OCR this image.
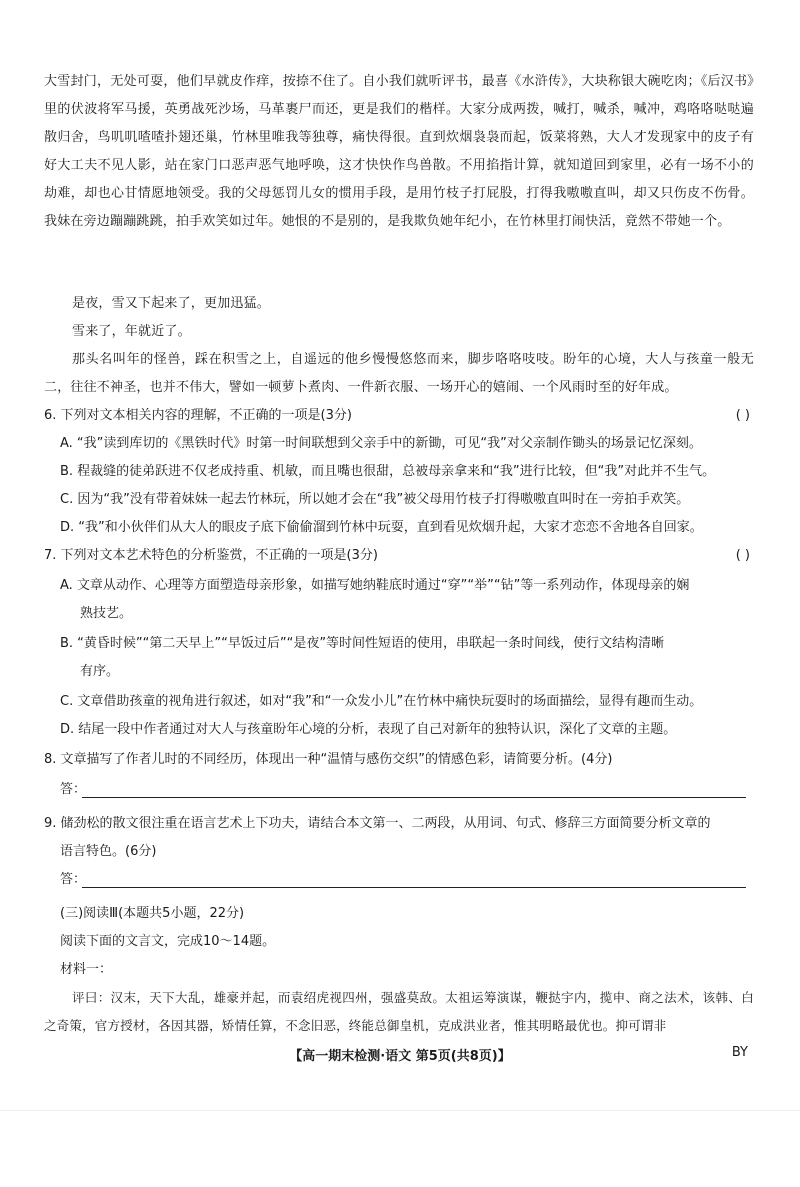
大雪封门，无处可耍，他们早就皮作痒，按捺不住了。自小我们就听评书，最喜《水浒传》，大块称银大碗吃肉；《后汉书》里的伏波将军马援，英勇战死沙场，马革裹尸而还，更是我们的楷样。大家分成两拨，喊打，喊杀，喊冲，鸡咯咯哒哒遍散归舍，鸟叽叽喳喳扑翅还巢，竹林里唯我等独尊，痛快得很。直到炊烟袅袅而起，饭菜将熟，大人才发现家中的皮子有好大工夫不见人影，站在家门口恶声恶气地呼唤，这才快快作鸟兽散。不用掐指计算，就知道回到家里，必有一场不小的劫难，却也心甘情愿地领受。我的父母惩罚儿女的惯用手段，是用竹枝子打屁股，打得我嗷嗷直叫，却又只伤皮不伤骨。我妹在旁边蹦蹦跳跳，拍手欢笑如过年。她恨的不是别的，是我欺负她年纪小，在竹林里打闹快活，竟然不带她一个。

是夜，雪又下起来了，更加迅猛。

雪来了，年就近了。

那头名叫年的怪兽，踩在积雪之上，自遥远的他乡慢慢悠悠而来，脚步咯咯吱吱。盼年的心境，大人与孩童一般无二，往往不神圣，也并不伟大，譬如一顿萝卜煮肉、一件新衣服、一场开心的嬉闹、一个风雨时至的好年成。

6. 下列对文本相关内容的理解，不正确的一项是(3分)	( )
A. “我”读到库切的《黑铁时代》时第一时间联想到父亲手中的新锄，可见“我”对父亲制作锄头的场景记忆深刻。
B. 程裁缝的徒弟跃进不仅老成持重、机敏，而且嘴也很甜，总被母亲拿来和“我”进行比较，但“我”对此并不生气。
C. 因为“我”没有带着妹妹一起去竹林玩，所以她才会在“我”被父母用竹枝子打得嗷嗷直叫时在一旁拍手欢笑。
D. “我”和小伙伴们从大人的眼皮子底下偷偷溜到竹林中玩耍，直到看见炊烟升起，大家才恋恋不舍地各自回家。
7. 下列对文本艺术特色的分析鉴赏，不正确的一项是(3分)	( )
A. 文章从动作、心理等方面塑造母亲形象，如描写她纳鞋底时通过“穿”“举”“钻”等一系列动作，体现母亲的娴
熟技艺。
B. “黄昏时候”“第二天早上”“早饭过后”“是夜”等时间性短语的使用，串联起一条时间线，使行文结构清晰
有序。
C. 文章借助孩童的视角进行叙述，如对“我”和“一众发小儿”在竹林中痛快玩耍时的场面描绘，显得有趣而生动。
D. 结尾一段中作者通过对大人与孩童盼年心境的分析，表现了自己对新年的独特认识，深化了文章的主题。
8. 文章描写了作者儿时的不同经历，体现出一种“温情与感伤交织”的情感色彩，请简要分析。(4分)
答：
9. 储劲松的散文很注重在语言艺术上下功夫，请结合本文第一、二两段，从用词、句式、修辞三方面简要分析文章的
语言特色。(6分)
答：
(三)阅读Ⅲ(本题共5小题，22分)
阅读下面的文言文，完成10～14题。
材料一：

评曰：汉末，天下大乱，雄豪并起，而袁绍虎视四州，强盛莫敌。太祖运筹演谋，鞭挞宇内，揽申、商之法术，该韩、白之奇策，官方授材，各因其器，矫情任算，不念旧恶，终能总御皇机，克成洪业者，惟其明略最优也。抑可谓非

【高一期末检测·语文 第5页(共8页)】	BY
